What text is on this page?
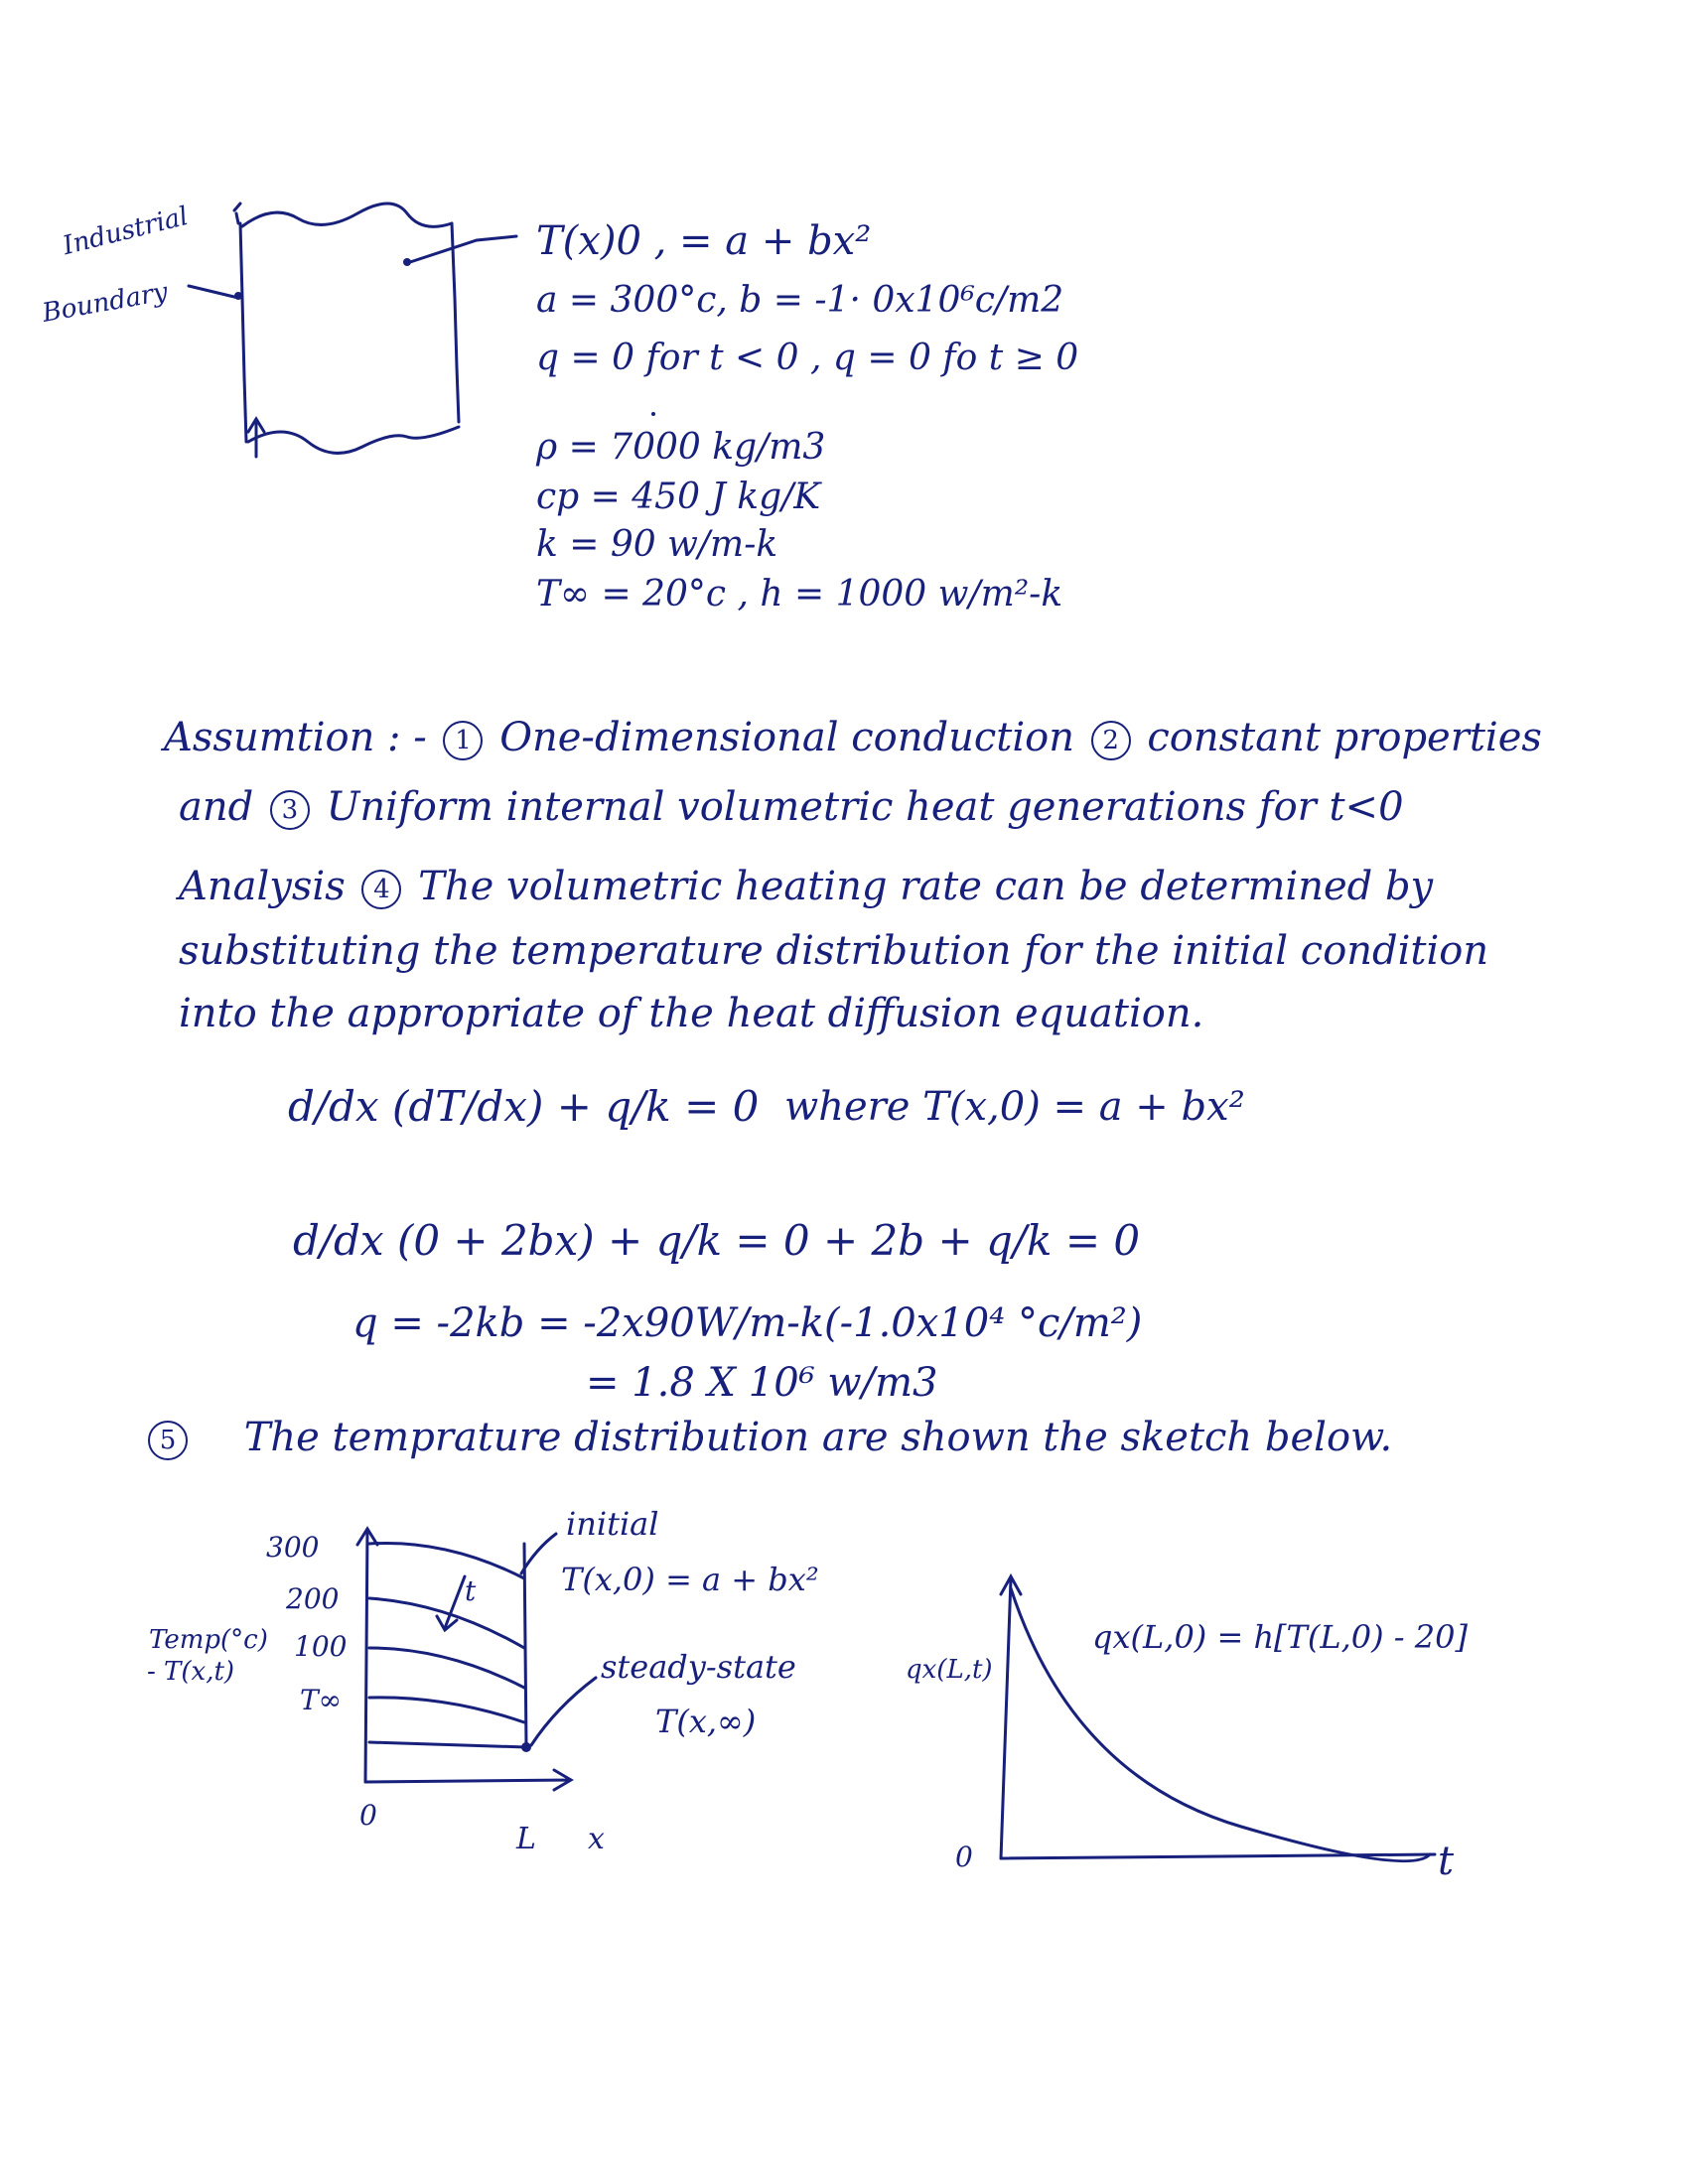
Industrial
Boundary
T(x)0 , = a + bx²
a = 300°c, b = -1· 0x10⁶c/m2
q = 0 for t < 0 , q = 0 fo t ≥ 0
ρ = 7000 kg/m3
cp = 450 J kg/K
k = 90 w/m-k
T∞ = 20°c , h = 1000 w/m²-k
Assumtion : - 1 One-dimensional conduction 2 constant properties
and 3 Uniform internal volumetric heat generations for t<0
Analysis 4 The volumetric heating rate can be determined by
substituting the temperature distribution for the initial condition
into the appropriate of the heat diffusion equation.
d/dx (dT/dx) + q/k = 0 where T(x,0) = a + bx²
d/dx (0 + 2bx) + q/k = 0 + 2b + q/k = 0
q = -2kb = -2x90W/m-k(-1.0x10⁴ °c/m²)
= 1.8 X 10⁶ w/m3
5 The temprature distribution are shown the sketch below.
300
200
100
T∞
0
Temp(°c)
- T(x,t)
t
initial
T(x,0) = a + bx²
steady-state
T(x,∞)
L x
qx(L,t)
0	t
qx(L,0) = h[T(L,0) - 20]
